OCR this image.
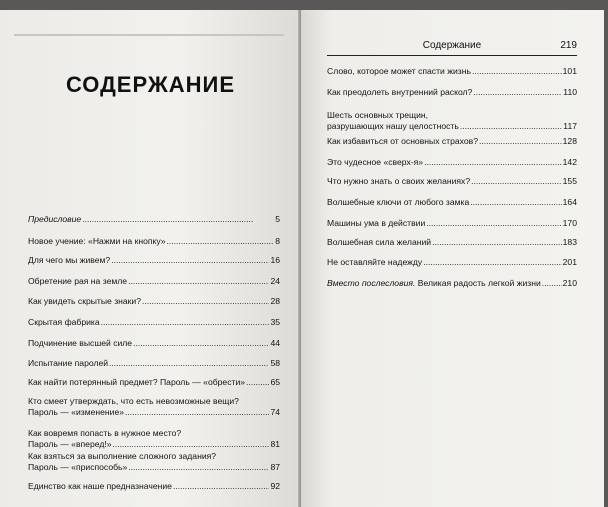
СОДЕРЖАНИЕ
Предисловие . . .	5
Новое учение: «Нажми на кнопку» . . .	8
Для чего мы живем? . . .	16
Обретение рая на земле . . .	24
Как увидеть скрытые знаки? . . .	28
Скрытая фабрика . . .	35
Подчинение высшей силе . . .	44
Испытание паролей . . .	58
Как найти потерянный предмет? Пароль — «обрести» . . .	65
Кто смеет утверждать, что есть невозможные вещи?
Пароль — «изменение» . . .	74
Как вовремя попасть в нужное место?
Пароль — «вперед!» . . .	81
Как взяться за выполнение сложного задания?
Пароль — «приспособь» . . .	87
Единство как наше предназначение . . .	92
Содержание	219
Слово, которое может спасти жизнь . . .	101
Как преодолеть внутренний раскол? . . .	110
Шесть основных трещин,
разрушающих нашу целостность . . .	117
Как избавиться от основных страхов? . . .	128
Это чудесное «сверх-я» . . .	142
Что нужно знать о своих желаниях? . . .	155
Волшебные ключи от любого замка . . .	164
Машины ума в действии . . .	170
Волшебная сила желаний . . .	183
Не оставляйте надежду . . .	201
Вместо послесловия. Великая радость легкой жизни . . .	210
